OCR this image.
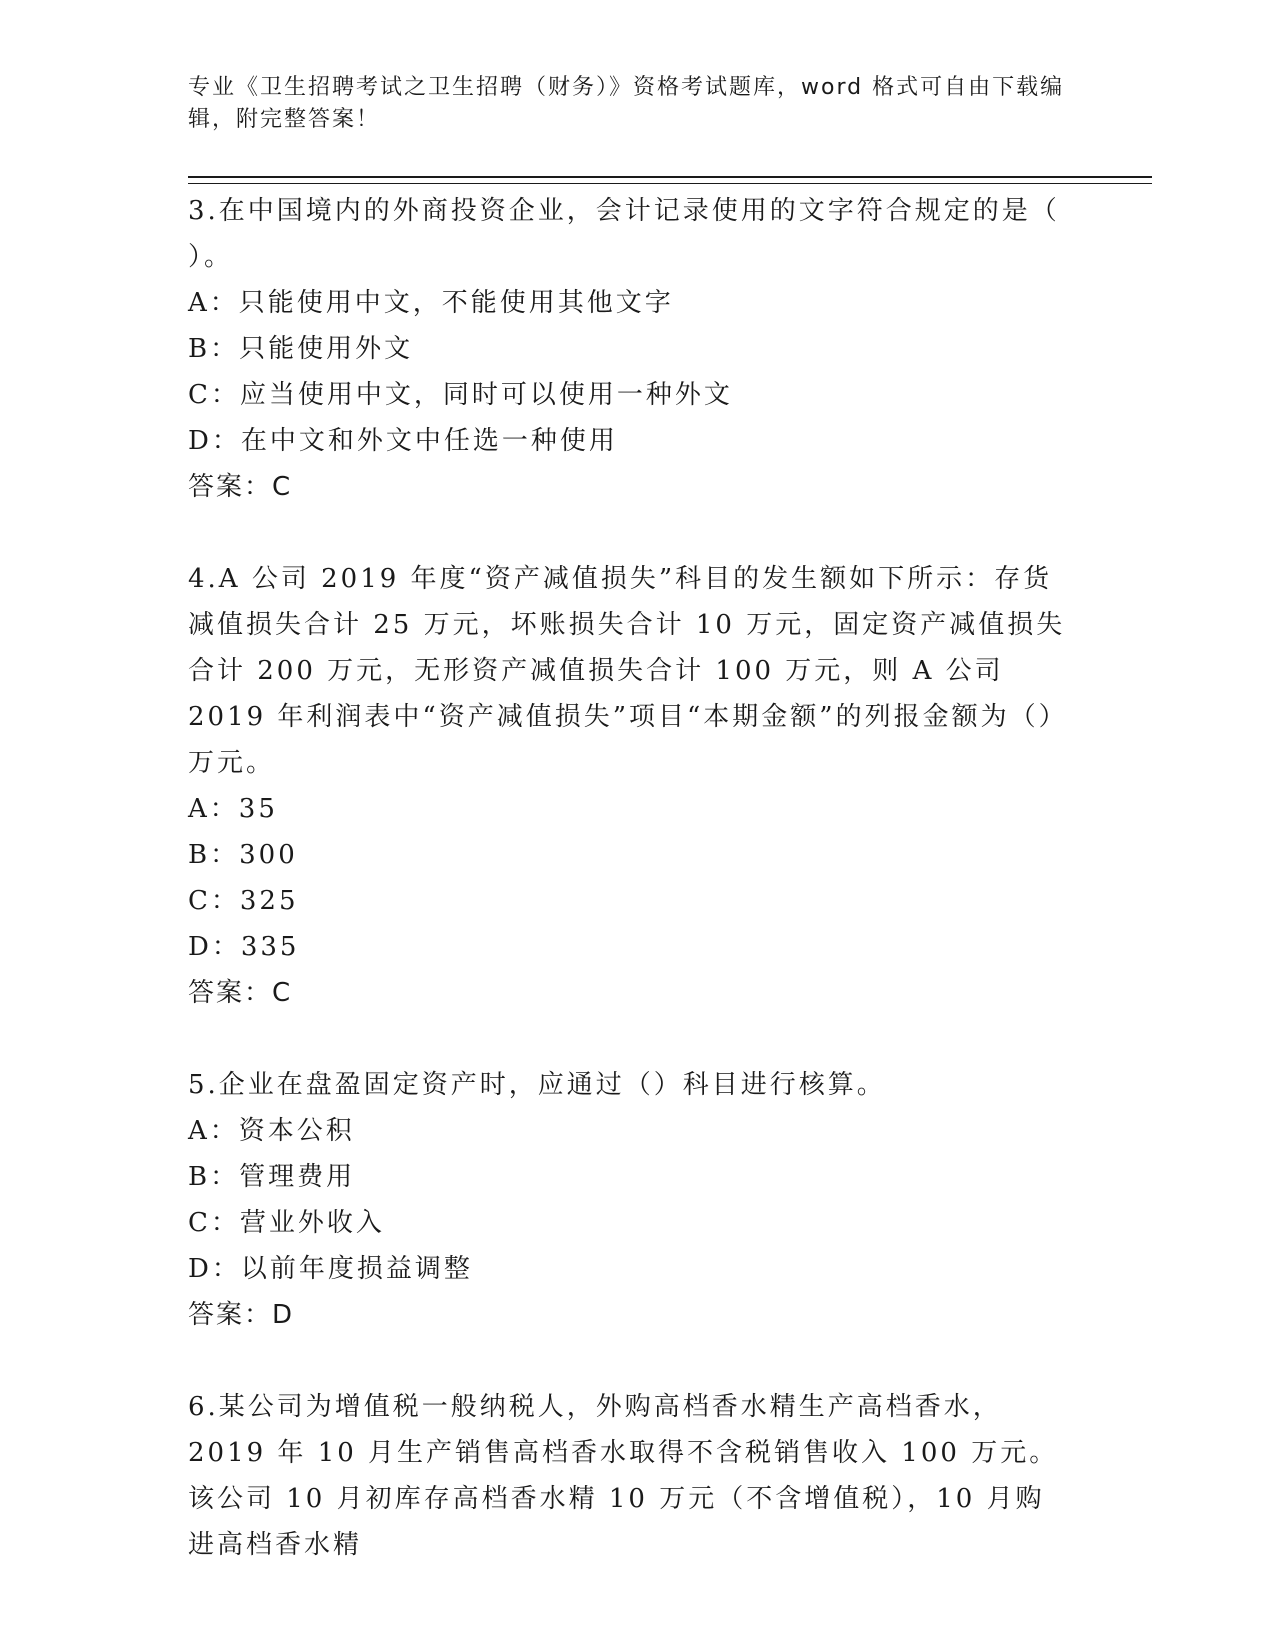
专业《卫生招聘考试之卫生招聘（财务）》资格考试题库，word 格式可自由下载编辑，附完整答案！

3.在中国境内的外商投资企业，会计记录使用的文字符合规定的是（ ）。

A：只能使用中文，不能使用其他文字

B：只能使用外文

C：应当使用中文，同时可以使用一种外文

D：在中文和外文中任选一种使用

答案：C

4.A 公司 2019 年度“资产减值损失”科目的发生额如下所示：存货减值损失合计 25 万元，坏账损失合计 10 万元，固定资产减值损失合计 200 万元，无形资产减值损失合计 100 万元，则 A 公司 2019 年利润表中“资产减值损失”项目“本期金额”的列报金额为（）万元。

A：35

B：300

C：325

D：335

答案：C

5.企业在盘盈固定资产时，应通过（）科目进行核算。

A：资本公积

B：管理费用

C：营业外收入

D：以前年度损益调整

答案：D

6.某公司为增值税一般纳税人，外购高档香水精生产高档香水，2019 年 10 月生产销售高档香水取得不含税销售收入 100 万元。该公司 10 月初库存高档香水精 10 万元（不含增值税），10 月购进高档香水精
